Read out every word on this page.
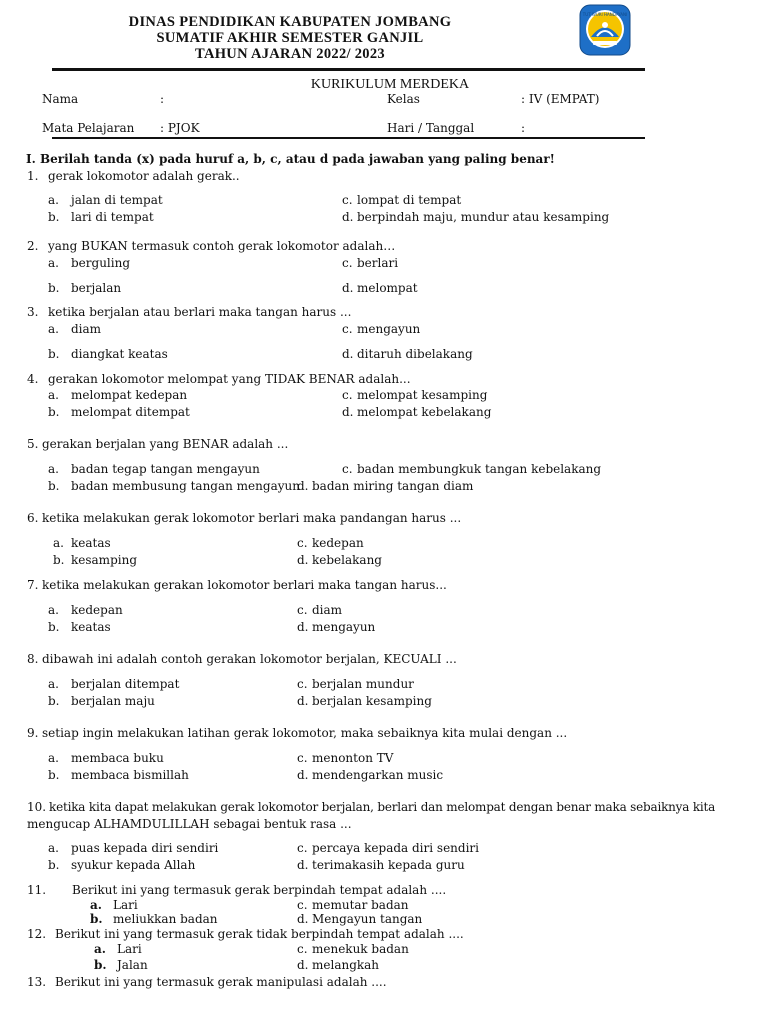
DINAS PENDIDIKAN KABUPATEN JOMBANG
SUMATIF AKHIR SEMESTER GANJIL
TAHUN AJARAN 2022/ 2023
TUT WURI HANDAYANI
KURIKULUM MERDEKA
Nama	:	Kelas	: IV (EMPAT)
Mata Pelajaran : PJOK	Hari / Tanggal	:
I. Berilah tanda (x) pada huruf a, b, c, atau d pada jawaban yang paling benar!
1. gerak lokomotor adalah gerak..
a. jalan di tempat
b. lari di tempat
c. lompat di tempat
d. berpindah maju, mundur atau kesamping
2. yang BUKAN termasuk contoh gerak lokomotor adalah…
a. berguling
b. berjalan
c. berlari
d. melompat
3. ketika berjalan atau berlari maka tangan harus ...
a. diam
b. diangkat keatas
c. mengayun
d. ditaruh dibelakang
4. gerakan lokomotor melompat yang TIDAK BENAR adalah...
a. melompat kedepan
b. melompat ditempat
c. melompat kesamping
d. melompat kebelakang
5. gerakan berjalan yang BENAR adalah ...
a. badan tegap tangan mengayun
b. badan membusung tangan mengayun
c. badan membungkuk tangan kebelakang
d. badan miring tangan diam
6. ketika melakukan gerak lokomotor berlari maka pandangan harus ...
a. keatas
b. kesamping
c. kedepan
d. kebelakang
7. ketika melakukan gerakan lokomotor berlari maka tangan harus...
a. kedepan
b. keatas
c. diam
d. mengayun
8. dibawah ini adalah contoh gerakan lokomotor berjalan, KECUALI ...
a. berjalan ditempat
b. berjalan maju
c. berjalan mundur
d. berjalan kesamping
9. setiap ingin melakukan latihan gerak lokomotor, maka sebaiknya kita mulai dengan ...
a. membaca buku
b. membaca bismillah
c. menonton TV
d. mendengarkan music
10. ketika kita dapat melakukan gerak lokomotor berjalan, berlari dan melompat dengan benar maka sebaiknya kita
mengucap ALHAMDULILLAH sebagai bentuk rasa ...
a. puas kepada diri sendiri
b. syukur kepada Allah
c. percaya kepada diri sendiri
d. terimakasih kepada guru
11. Berikut ini yang termasuk gerak berpindah tempat adalah ....
a. Lari
b. meliukkan badan
c. memutar badan
d. Mengayun tangan
12. Berikut ini yang termasuk gerak tidak berpindah tempat adalah ....
a. Lari
b. Jalan
c. menekuk badan
d. melangkah
13. Berikut ini yang termasuk gerak manipulasi adalah ....
